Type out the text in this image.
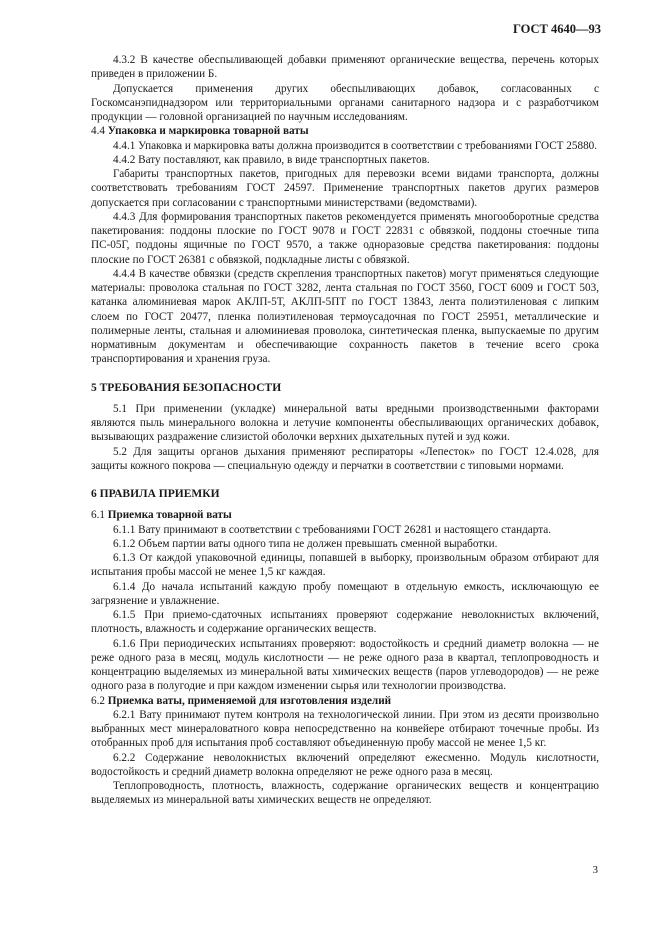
ГОСТ 4640—93

4.3.2 В качестве обеспыливающей добавки применяют органические вещества, перечень которых приведен в приложении Б.

Допускается применения других обеспыливающих добавок, согласованных с Госкомсанэпиднадзором или территориальными органами санитарного надзора и с разработчиком продукции — головной организацией по научным исследованиям.

4.4 Упаковка и маркировка товарной ваты

4.4.1 Упаковка и маркировка ваты должна производится в соответствии с требованиями ГОСТ 25880.

4.4.2 Вату поставляют, как правило, в виде транспортных пакетов.

Габариты транспортных пакетов, пригодных для перевозки всеми видами транспорта, должны соответствовать требованиям ГОСТ 24597. Применение транспортных пакетов других размеров допускается при согласовании с транспортными министерствами (ведомствами).

4.4.3 Для формирования транспортных пакетов рекомендуется применять многооборотные средства пакетирования: поддоны плоские по ГОСТ 9078 и ГОСТ 22831 с обвязкой, поддоны стоечные типа ПС-05Г, поддоны ящичные по ГОСТ 9570, а также одноразовые средства пакетирования: поддоны плоские по ГОСТ 26381 с обвязкой, подкладные листы с обвязкой.

4.4.4 В качестве обвязки (средств скрепления транспортных пакетов) могут применяться следующие материалы: проволока стальная по ГОСТ 3282, лента стальная по ГОСТ 3560, ГОСТ 6009 и ГОСТ 503, катанка алюминиевая марок АКЛП-5Т, АКЛП-5ПТ по ГОСТ 13843, лента полиэтиленовая с липким слоем по ГОСТ 20477, пленка полиэтиленовая термоусадочная по ГОСТ 25951, металлические и полимерные ленты, стальная и алюминиевая проволока, синтетическая пленка, выпускаемые по другим нормативным документам и обеспечивающие сохранность пакетов в течение всего срока транспортирования и хранения груза.

5 ТРЕБОВАНИЯ БЕЗОПАСНОСТИ

5.1 При применении (укладке) минеральной ваты вредными производственными факторами являются пыль минерального волокна и летучие компоненты обеспыливающих органических добавок, вызывающих раздражение слизистой оболочки верхних дыхательных путей и зуд кожи.

5.2 Для защиты органов дыхания применяют респираторы «Лепесток» по ГОСТ 12.4.028, для защиты кожного покрова — специальную одежду и перчатки в соответствии с типовыми нормами.

6 ПРАВИЛА ПРИЕМКИ

6.1 Приемка товарной ваты

6.1.1 Вату принимают в соответствии с требованиями ГОСТ 26281 и настоящего стандарта.

6.1.2 Объем партии ваты одного типа не должен превышать сменной выработки.

6.1.3 От каждой упаковочной единицы, попавшей в выборку, произвольным образом отбирают для испытания пробы массой не менее 1,5 кг каждая.

6.1.4 До начала испытаний каждую пробу помещают в отдельную емкость, исключающую ее загрязнение и увлажнение.

6.1.5 При приемо-сдаточных испытаниях проверяют содержание неволокнистых включений, плотность, влажность и содержание органических веществ.

6.1.6 При периодических испытаниях проверяют: водостойкость и средний диаметр волокна — не реже одного раза в месяц, модуль кислотности — не реже одного раза в квартал, теплопроводность и концентрацию выделяемых из минеральной ваты химических веществ (паров углеводородов) — не реже одного раза в полугодие и при каждом изменении сырья или технологии производства.

6.2 Приемка ваты, применяемой для изготовления изделий

6.2.1 Вату принимают путем контроля на технологической линии. При этом из десяти произвольно выбранных мест минераловатного ковра непосредственно на конвейере отбирают точечные пробы. Из отобранных проб для испытания проб составляют объединенную пробу массой не менее 1,5 кг.

6.2.2 Содержание неволокнистых включений определяют ежесменно. Модуль кислотности, водостойкость и средний диаметр волокна определяют не реже одного раза в месяц.

Теплопроводность, плотность, влажность, содержание органических веществ и концентрацию выделяемых из минеральной ваты химических веществ не определяют.

3
